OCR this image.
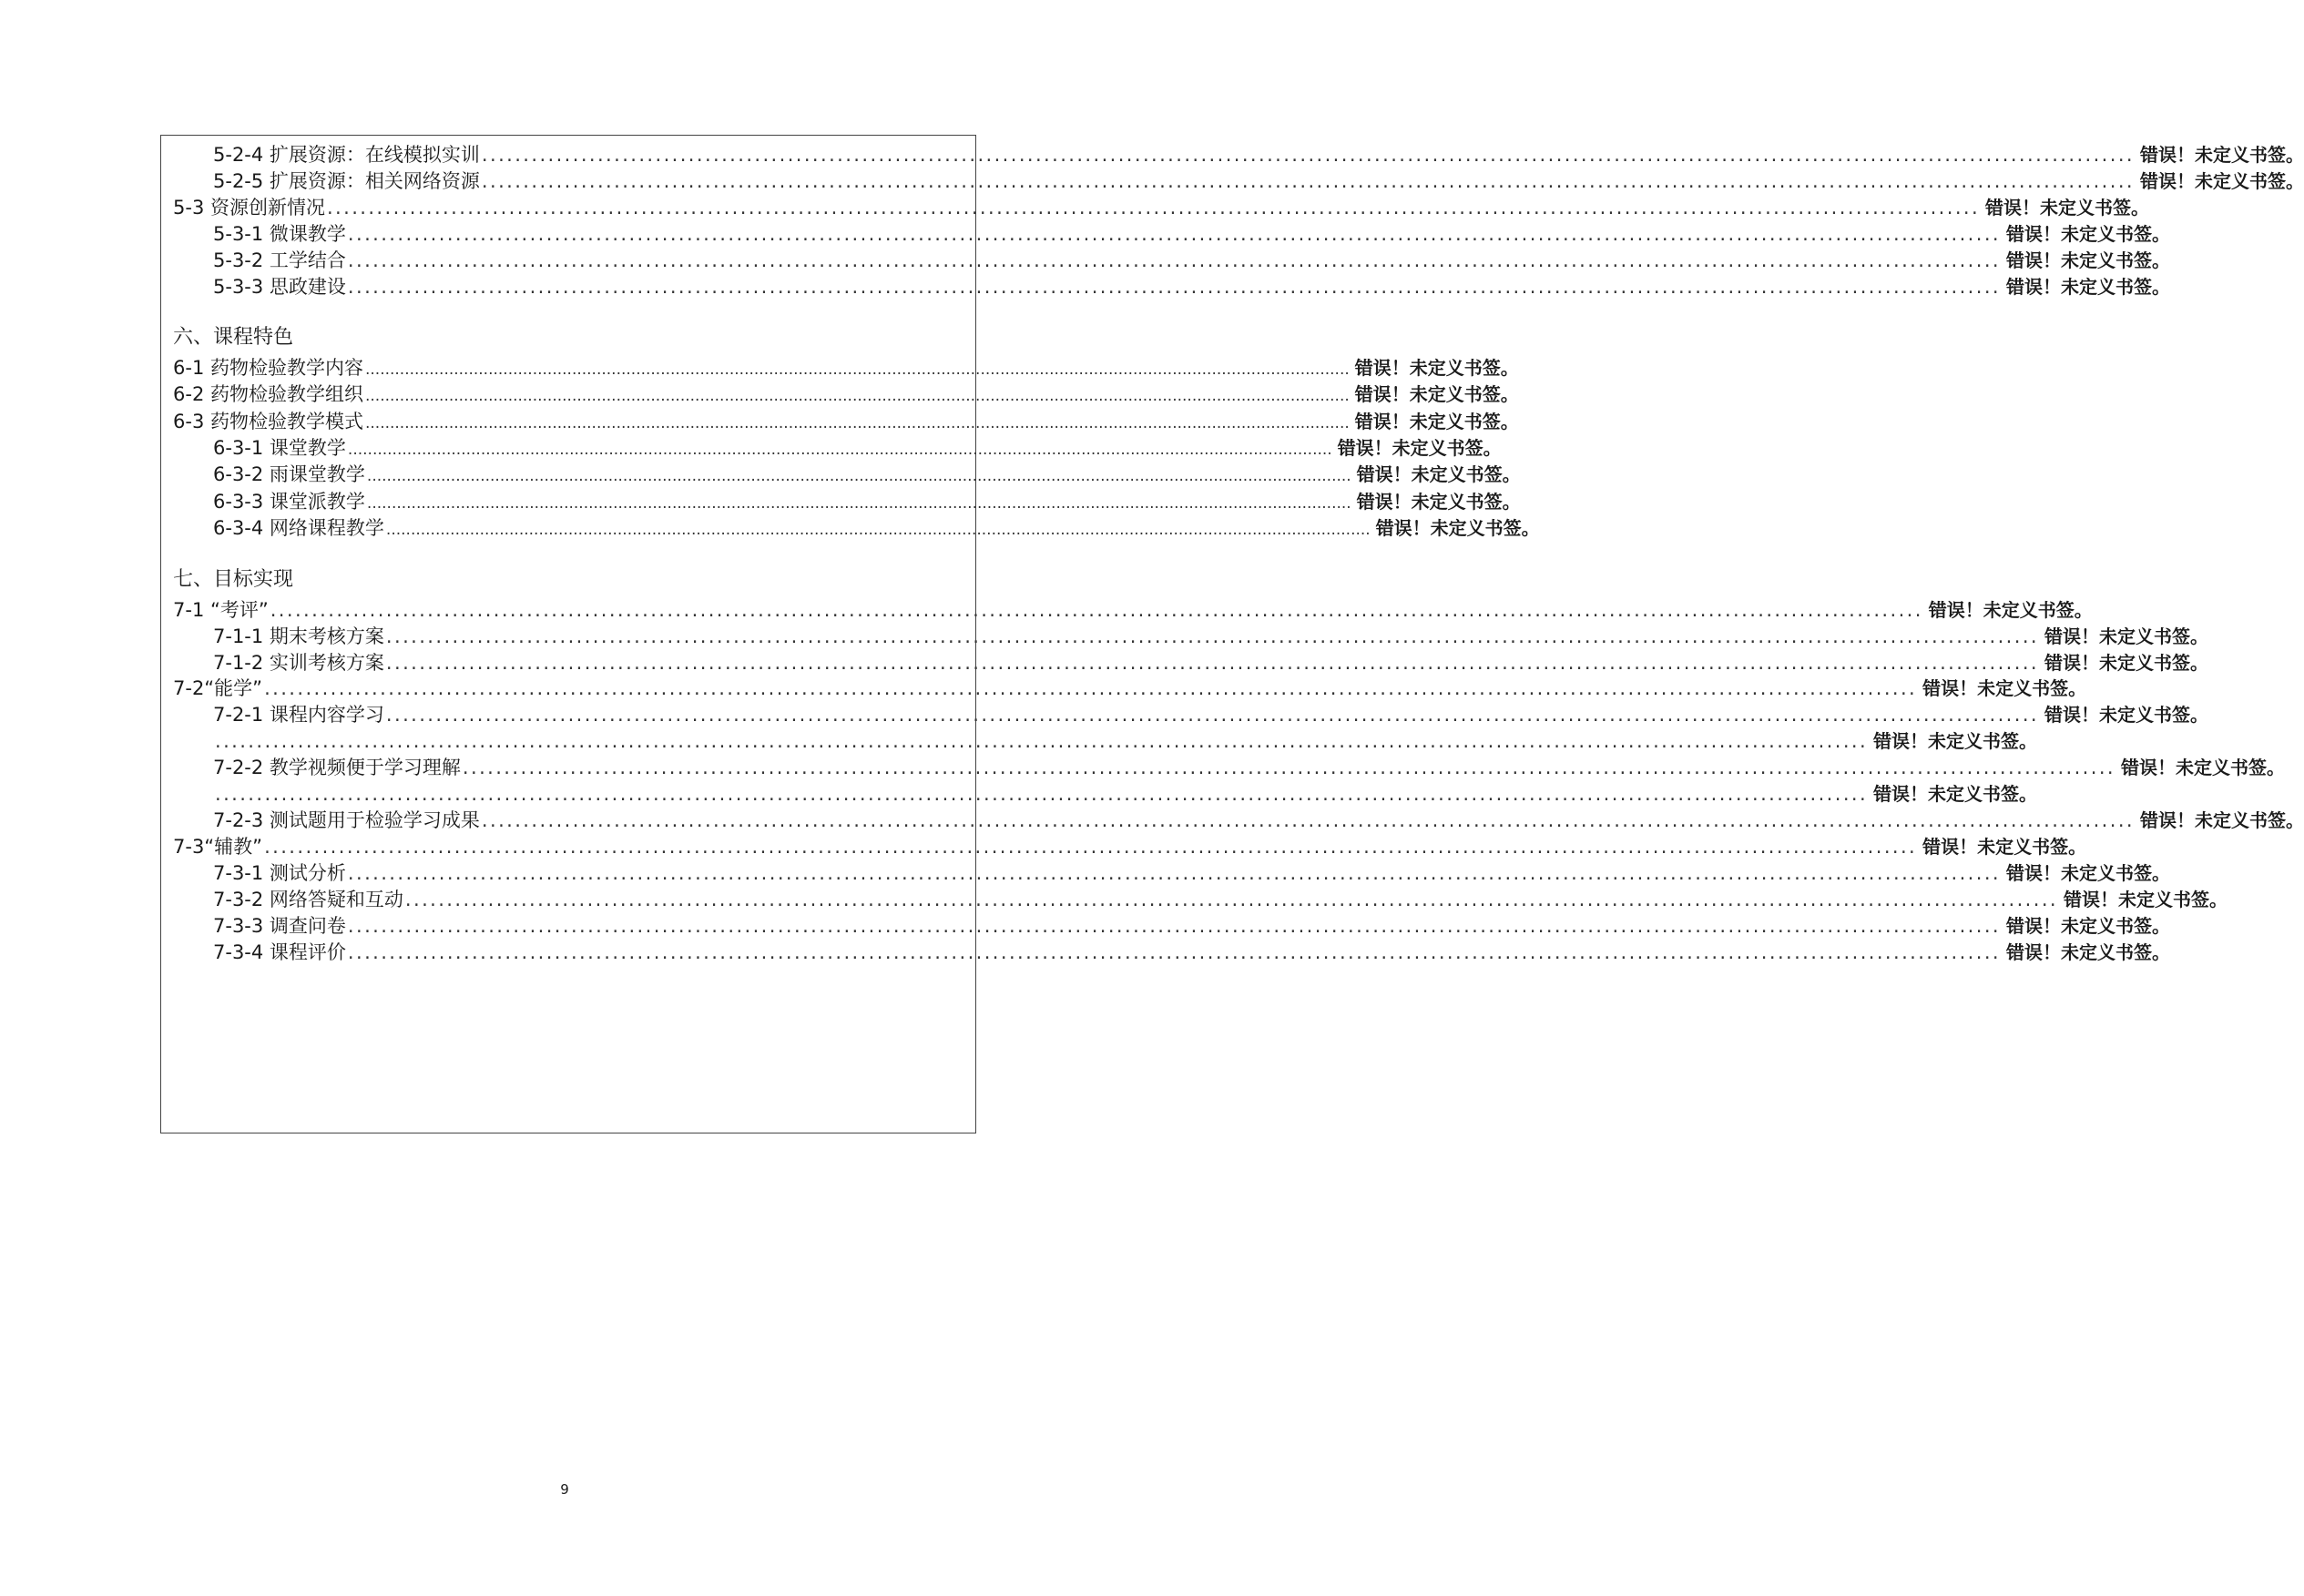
5-2-4 扩展资源：在线模拟实训 ........................................................................................................................................................................................................ 错误！未定义书签。
5-2-5 扩展资源：相关网络资源 ........................................................................................................................................................................................................ 错误！未定义书签。
5-3 资源创新情况 ........................................................................................................................................................................................................ 错误！未定义书签。
5-3-1 微课教学 ........................................................................................................................................................................................................ 错误！未定义书签。
5-3-2 工学结合 ........................................................................................................................................................................................................ 错误！未定义书签。
5-3-3 思政建设 ........................................................................................................................................................................................................ 错误！未定义书签。
六、课程特色
6-1 药物检验教学内容 ........................................................................................................................................................................................................ 错误！未定义书签。
6-2 药物检验教学组织 ........................................................................................................................................................................................................ 错误！未定义书签。
6-3 药物检验教学模式 ........................................................................................................................................................................................................ 错误！未定义书签。
6-3-1 课堂教学 ........................................................................................................................................................................................................ 错误！未定义书签。
6-3-2 雨课堂教学 ........................................................................................................................................................................................................ 错误！未定义书签。
6-3-3 课堂派教学 ........................................................................................................................................................................................................ 错误！未定义书签。
6-3-4 网络课程教学 ........................................................................................................................................................................................................ 错误！未定义书签。
七、目标实现
7-1 “考评” ........................................................................................................................................................................................................ 错误！未定义书签。
7-1-1 期末考核方案 ........................................................................................................................................................................................................ 错误！未定义书签。
7-1-2 实训考核方案 ........................................................................................................................................................................................................ 错误！未定义书签。
7-2“能学” ........................................................................................................................................................................................................ 错误！未定义书签。
7-2-1 课程内容学习 ........................................................................................................................................................................................................ 错误！未定义书签。
........................................................................................................................................................................................................ 错误！未定义书签。
7-2-2 教学视频便于学习理解 ........................................................................................................................................................................................................ 错误！未定义书签。
........................................................................................................................................................................................................ 错误！未定义书签。
7-2-3 测试题用于检验学习成果 ........................................................................................................................................................................................................ 错误！未定义书签。
7-3“辅教” ........................................................................................................................................................................................................ 错误！未定义书签。
7-3-1 测试分析 ........................................................................................................................................................................................................ 错误！未定义书签。
7-3-2 网络答疑和互动 ........................................................................................................................................................................................................ 错误！未定义书签。
7-3-3 调查问卷 ........................................................................................................................................................................................................ 错误！未定义书签。
7-3-4 课程评价 ........................................................................................................................................................................................................ 错误！未定义书签。
9
